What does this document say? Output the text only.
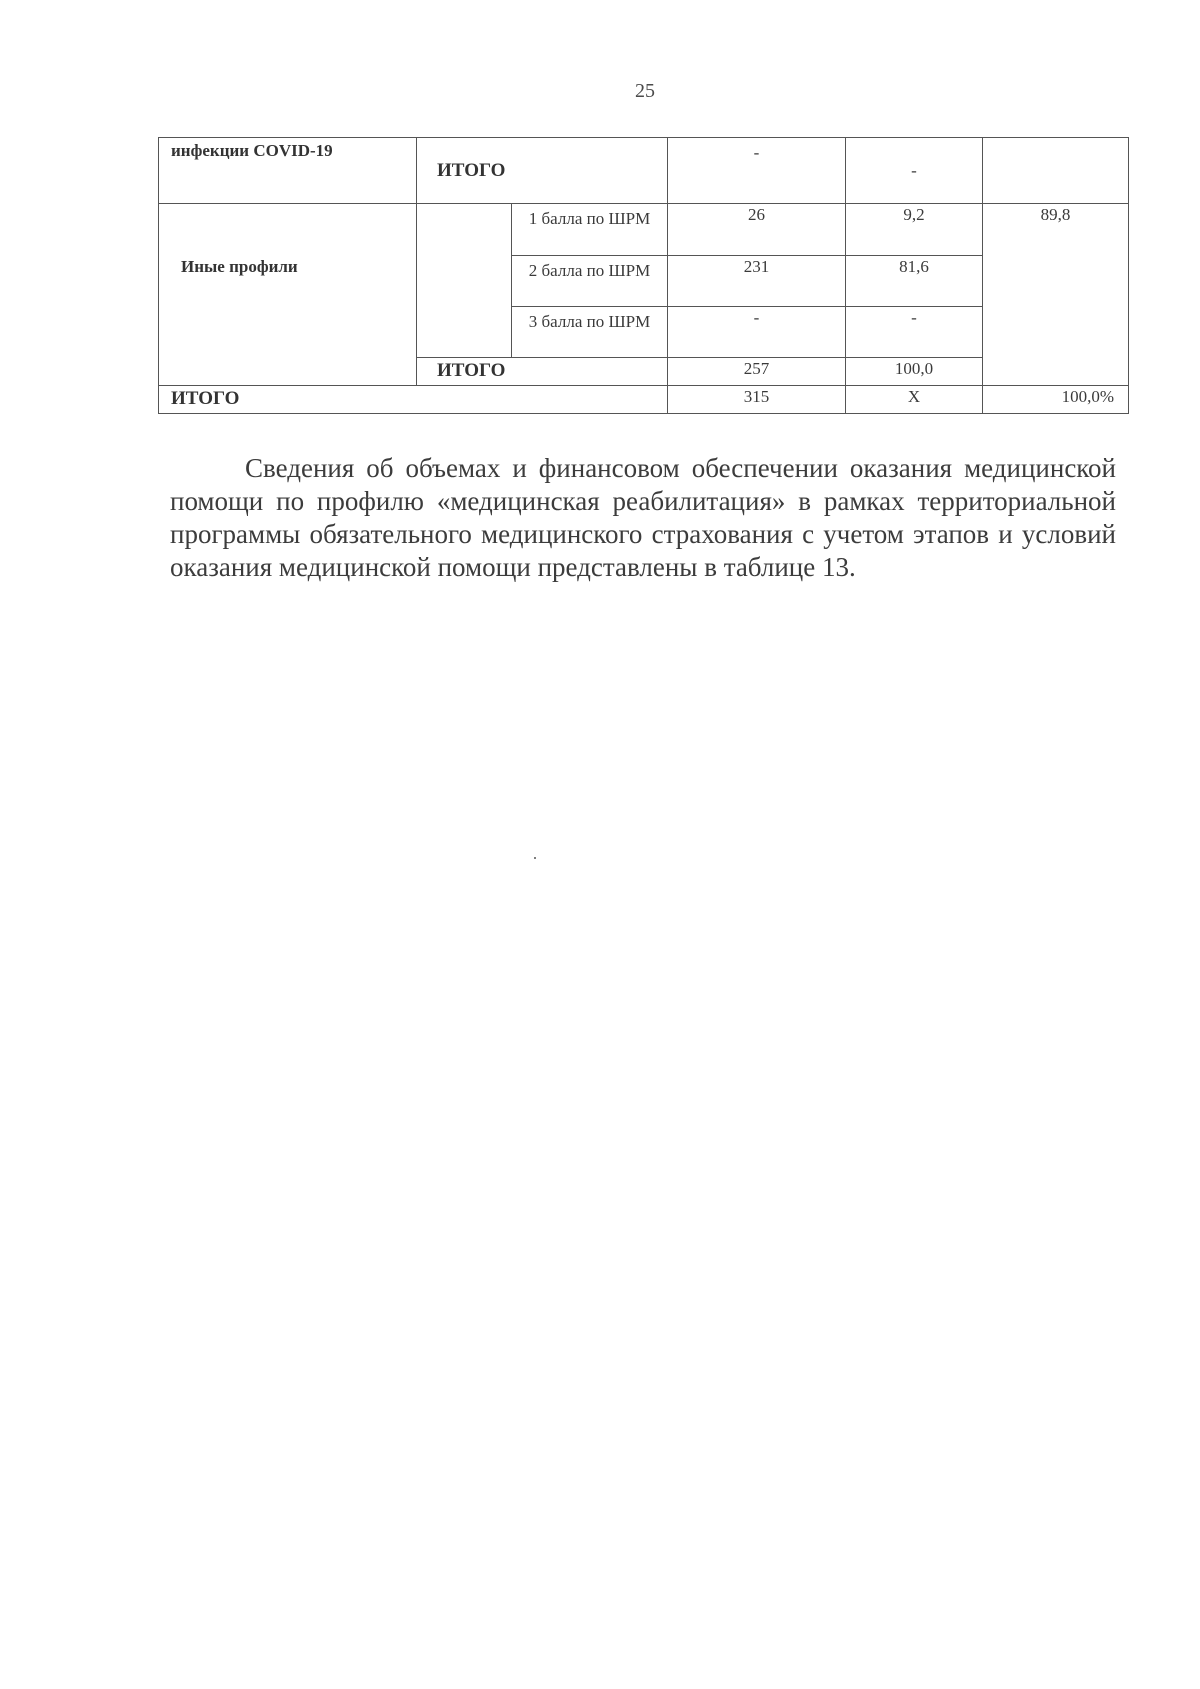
25
инфекции COVID-19	ИТОГО		-	-	
Иные профили		1 балла по ШРМ	26	9,2	89,8
		2 балла по ШРМ	231	81,6	
		3 балла по ШРМ	-	-	
	ИТОГО		257	100,0	
ИТОГО			315	Х	100,0%
Сведения об объемах и финансовом обеспечении оказания медицинской помощи по профилю «медицинская реабилитация» в рамках территориальной программы обязательного медицинского страхования с учетом этапов и условий оказания медицинской помощи представлены в таблице 13.
